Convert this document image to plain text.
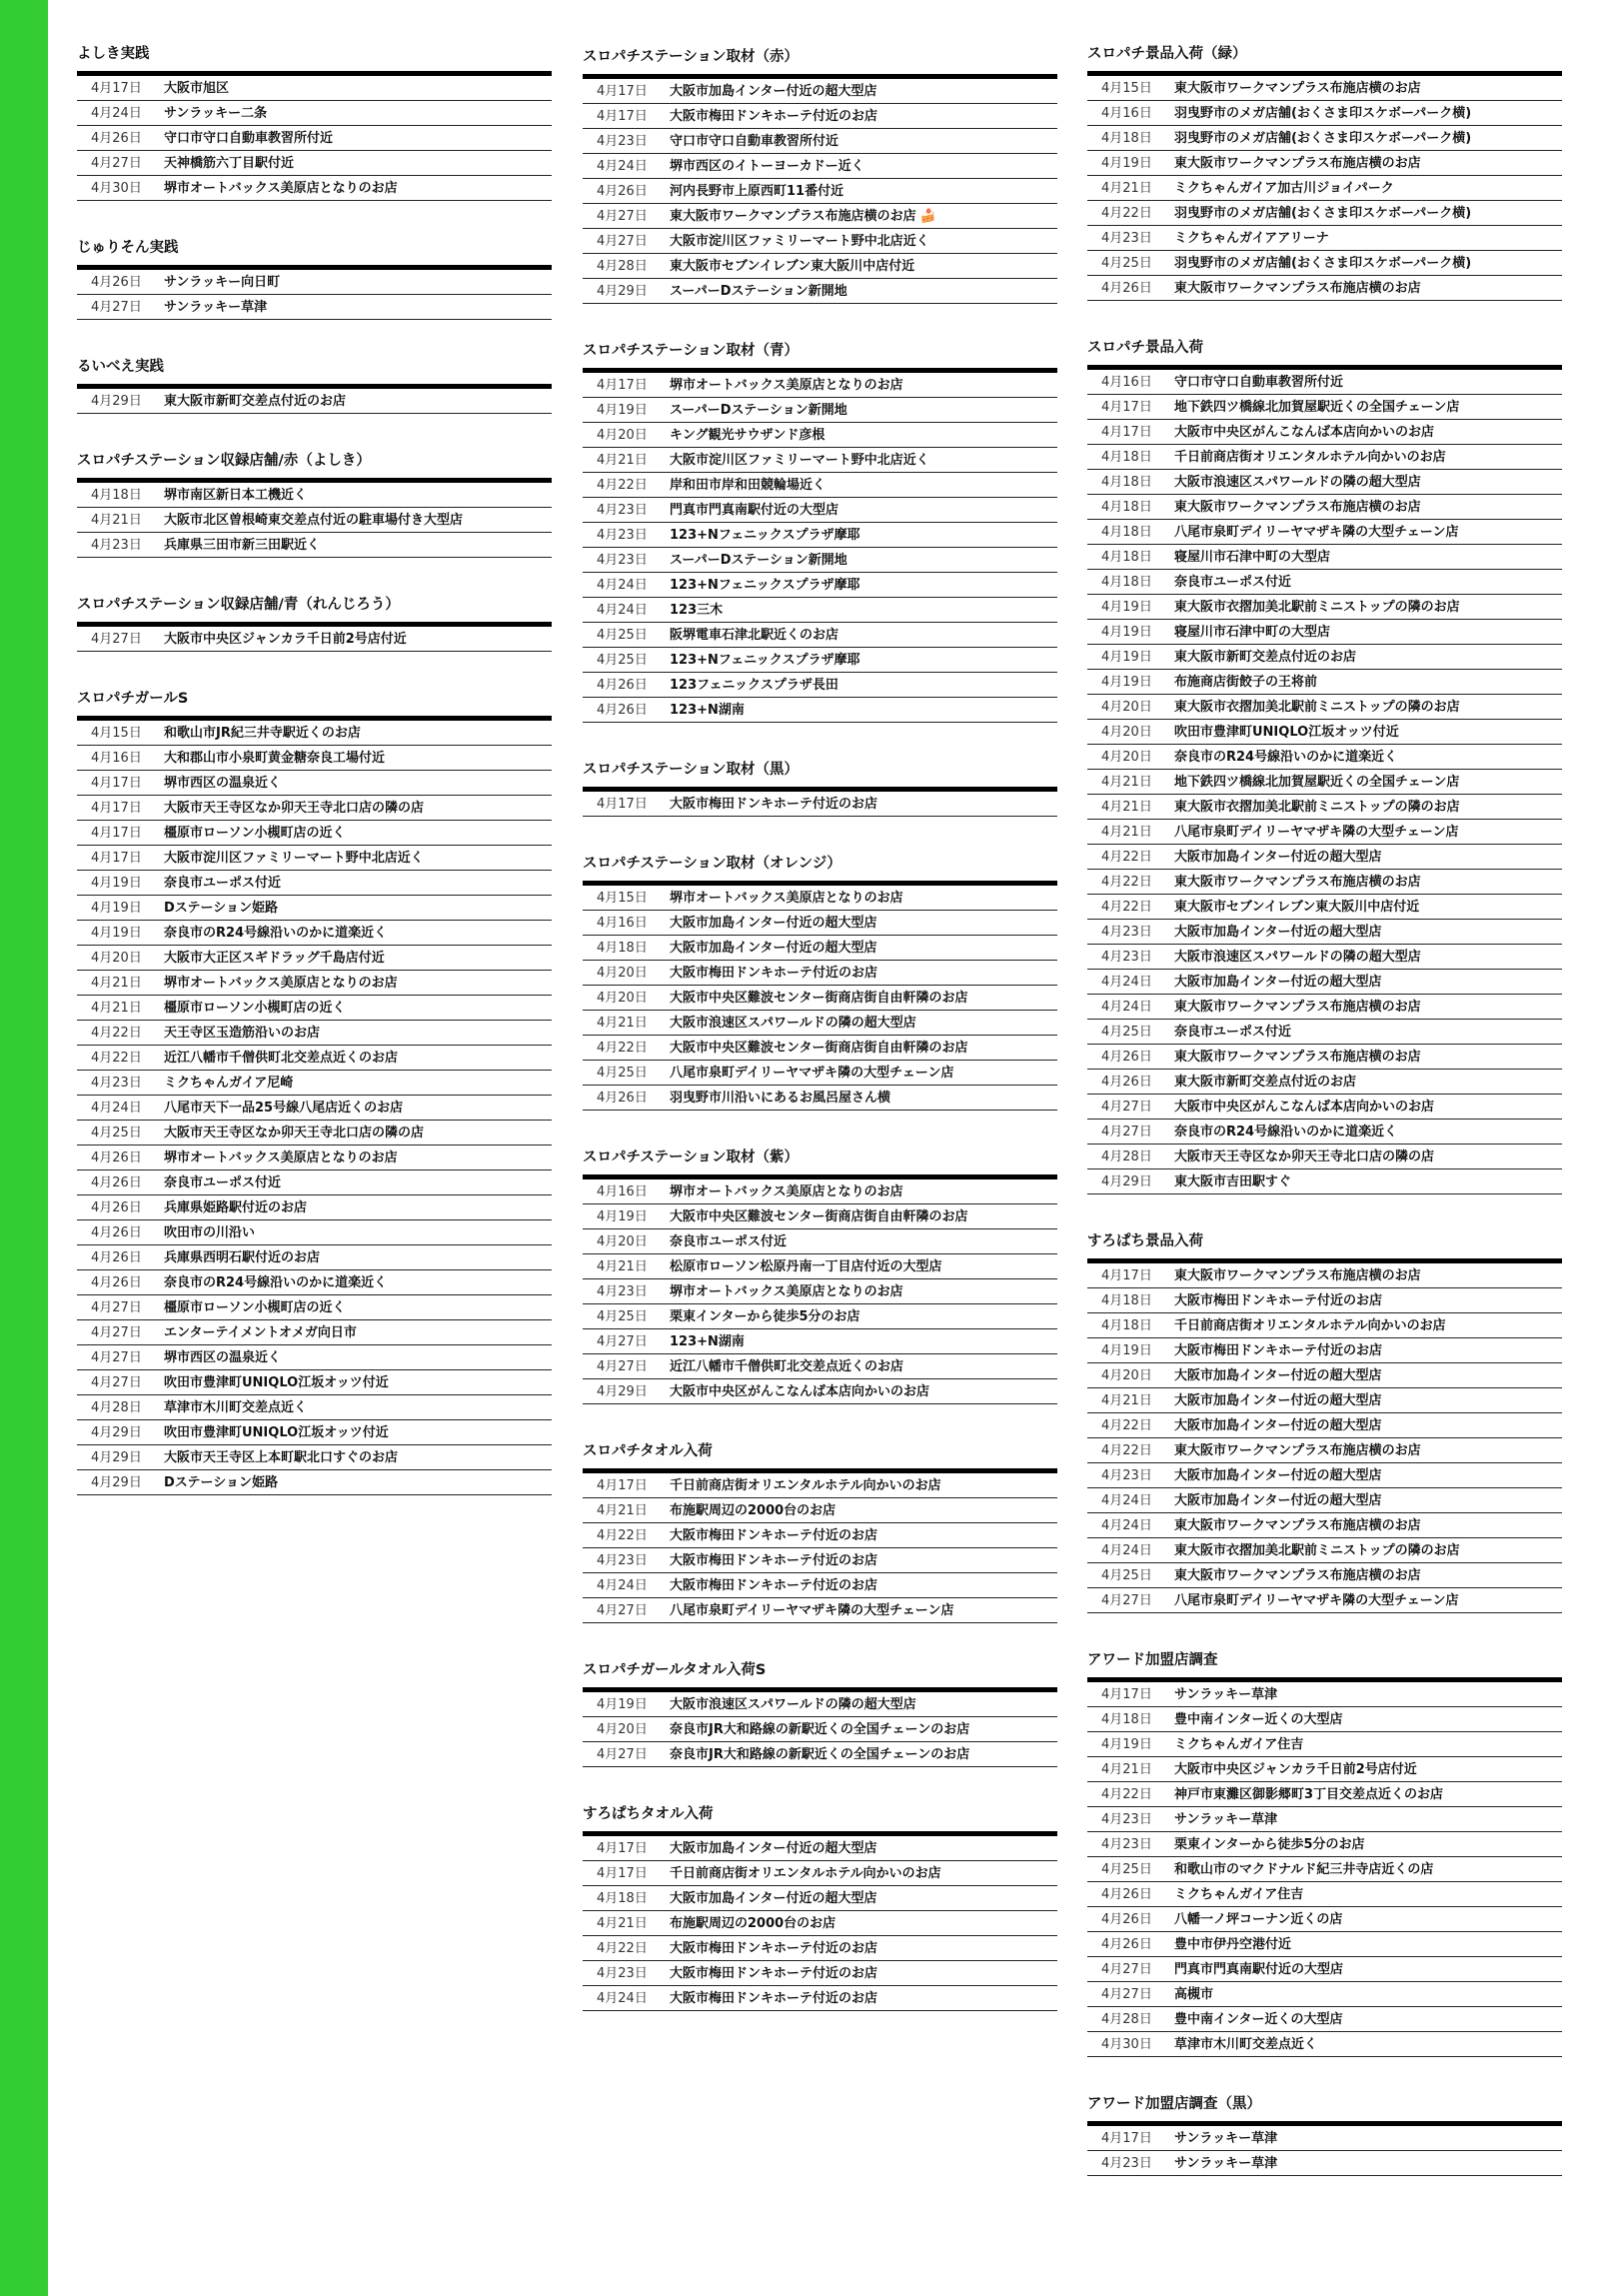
よしき実践
4月17日	大阪市旭区
4月24日	サンラッキー二条
4月26日	守口市守口自動車教習所付近
4月27日	天神橋筋六丁目駅付近
4月30日	堺市オートバックス美原店となりのお店
じゅりそん実践
4月26日	サンラッキー向日町
4月27日	サンラッキー草津
るいべえ実践
4月29日	東大阪市新町交差点付近のお店
スロパチステーション収録店舗/赤（よしき）
4月18日	堺市南区新日本工機近く
4月21日	大阪市北区曽根崎東交差点付近の駐車場付き大型店
4月23日	兵庫県三田市新三田駅近く
スロパチステーション収録店舗/青（れんじろう）
4月27日	大阪市中央区ジャンカラ千日前2号店付近
スロパチガールS
4月15日	和歌山市JR紀三井寺駅近くのお店
4月16日	大和郡山市小泉町黄金糖奈良工場付近
4月17日	堺市西区の温泉近く
4月17日	大阪市天王寺区なか卯天王寺北口店の隣の店
4月17日	橿原市ローソン小槻町店の近く
4月17日	大阪市淀川区ファミリーマート野中北店近く
4月19日	奈良市ユーポス付近
4月19日	Dステーション姫路
4月19日	奈良市のR24号線沿いのかに道楽近く
4月20日	大阪市大正区スギドラッグ千島店付近
4月21日	堺市オートバックス美原店となりのお店
4月21日	橿原市ローソン小槻町店の近く
4月22日	天王寺区玉造筋沿いのお店
4月22日	近江八幡市千僧供町北交差点近くのお店
4月23日	ミクちゃんガイア尼崎
4月24日	八尾市天下一品25号線八尾店近くのお店
4月25日	大阪市天王寺区なか卯天王寺北口店の隣の店
4月26日	堺市オートバックス美原店となりのお店
4月26日	奈良市ユーポス付近
4月26日	兵庫県姫路駅付近のお店
4月26日	吹田市の川沿い
4月26日	兵庫県西明石駅付近のお店
4月26日	奈良市のR24号線沿いのかに道楽近く
4月27日	橿原市ローソン小槻町店の近く
4月27日	エンターテイメントオメガ向日市
4月27日	堺市西区の温泉近く
4月27日	吹田市豊津町UNIQLO江坂オッツ付近
4月28日	草津市木川町交差点近く
4月29日	吹田市豊津町UNIQLO江坂オッツ付近
4月29日	大阪市天王寺区上本町駅北口すぐのお店
4月29日	Dステーション姫路
スロパチステーション取材（赤）
4月17日	大阪市加島インター付近の超大型店
4月17日	大阪市梅田ドンキホーテ付近のお店
4月23日	守口市守口自動車教習所付近
4月24日	堺市西区のイトーヨーカドー近く
4月26日	河内長野市上原西町11番付近
4月27日	東大阪市ワークマンプラス布施店横のお店 🍰
4月27日	大阪市淀川区ファミリーマート野中北店近く
4月28日	東大阪市セブンイレブン東大阪川中店付近
4月29日	スーパーDステーション新開地
スロパチステーション取材（青）
4月17日	堺市オートバックス美原店となりのお店
4月19日	スーパーDステーション新開地
4月20日	キング観光サウザンド彦根
4月21日	大阪市淀川区ファミリーマート野中北店近く
4月22日	岸和田市岸和田競輪場近く
4月23日	門真市門真南駅付近の大型店
4月23日	123+Nフェニックスプラザ摩耶
4月23日	スーパーDステーション新開地
4月24日	123+Nフェニックスプラザ摩耶
4月24日	123三木
4月25日	阪堺電車石津北駅近くのお店
4月25日	123+Nフェニックスプラザ摩耶
4月26日	123フェニックスプラザ長田
4月26日	123+N湖南
スロパチステーション取材（黒）
4月17日	大阪市梅田ドンキホーテ付近のお店
スロパチステーション取材（オレンジ）
4月15日	堺市オートバックス美原店となりのお店
4月16日	大阪市加島インター付近の超大型店
4月18日	大阪市加島インター付近の超大型店
4月20日	大阪市梅田ドンキホーテ付近のお店
4月20日	大阪市中央区難波センター街商店街自由軒隣のお店
4月21日	大阪市浪速区スパワールドの隣の超大型店
4月22日	大阪市中央区難波センター街商店街自由軒隣のお店
4月25日	八尾市泉町デイリーヤマザキ隣の大型チェーン店
4月26日	羽曳野市川沿いにあるお風呂屋さん横
スロパチステーション取材（紫）
4月16日	堺市オートバックス美原店となりのお店
4月19日	大阪市中央区難波センター街商店街自由軒隣のお店
4月20日	奈良市ユーポス付近
4月21日	松原市ローソン松原丹南一丁目店付近の大型店
4月23日	堺市オートバックス美原店となりのお店
4月25日	栗東インターから徒歩5分のお店
4月27日	123+N湖南
4月27日	近江八幡市千僧供町北交差点近くのお店
4月29日	大阪市中央区がんこなんば本店向かいのお店
スロパチタオル入荷
4月17日	千日前商店街オリエンタルホテル向かいのお店
4月21日	布施駅周辺の2000台のお店
4月22日	大阪市梅田ドンキホーテ付近のお店
4月23日	大阪市梅田ドンキホーテ付近のお店
4月24日	大阪市梅田ドンキホーテ付近のお店
4月27日	八尾市泉町デイリーヤマザキ隣の大型チェーン店
スロパチガールタオル入荷S
4月19日	大阪市浪速区スパワールドの隣の超大型店
4月20日	奈良市JR大和路線の新駅近くの全国チェーンのお店
4月27日	奈良市JR大和路線の新駅近くの全国チェーンのお店
すろぱちタオル入荷
4月17日	大阪市加島インター付近の超大型店
4月17日	千日前商店街オリエンタルホテル向かいのお店
4月18日	大阪市加島インター付近の超大型店
4月21日	布施駅周辺の2000台のお店
4月22日	大阪市梅田ドンキホーテ付近のお店
4月23日	大阪市梅田ドンキホーテ付近のお店
4月24日	大阪市梅田ドンキホーテ付近のお店
スロパチ景品入荷（緑）
4月15日	東大阪市ワークマンプラス布施店横のお店
4月16日	羽曳野市のメガ店舗(おくさま印スケボーパーク横)
4月18日	羽曳野市のメガ店舗(おくさま印スケボーパーク横)
4月19日	東大阪市ワークマンプラス布施店横のお店
4月21日	ミクちゃんガイア加古川ジョイパーク
4月22日	羽曳野市のメガ店舗(おくさま印スケボーパーク横)
4月23日	ミクちゃんガイアアリーナ
4月25日	羽曳野市のメガ店舗(おくさま印スケボーパーク横)
4月26日	東大阪市ワークマンプラス布施店横のお店
スロパチ景品入荷
4月16日	守口市守口自動車教習所付近
4月17日	地下鉄四ツ橋線北加賀屋駅近くの全国チェーン店
4月17日	大阪市中央区がんこなんば本店向かいのお店
4月18日	千日前商店街オリエンタルホテル向かいのお店
4月18日	大阪市浪速区スパワールドの隣の超大型店
4月18日	東大阪市ワークマンプラス布施店横のお店
4月18日	八尾市泉町デイリーヤマザキ隣の大型チェーン店
4月18日	寝屋川市石津中町の大型店
4月18日	奈良市ユーポス付近
4月19日	東大阪市衣摺加美北駅前ミニストップの隣のお店
4月19日	寝屋川市石津中町の大型店
4月19日	東大阪市新町交差点付近のお店
4月19日	布施商店街餃子の王将前
4月20日	東大阪市衣摺加美北駅前ミニストップの隣のお店
4月20日	吹田市豊津町UNIQLO江坂オッツ付近
4月20日	奈良市のR24号線沿いのかに道楽近く
4月21日	地下鉄四ツ橋線北加賀屋駅近くの全国チェーン店
4月21日	東大阪市衣摺加美北駅前ミニストップの隣のお店
4月21日	八尾市泉町デイリーヤマザキ隣の大型チェーン店
4月22日	大阪市加島インター付近の超大型店
4月22日	東大阪市ワークマンプラス布施店横のお店
4月22日	東大阪市セブンイレブン東大阪川中店付近
4月23日	大阪市加島インター付近の超大型店
4月23日	大阪市浪速区スパワールドの隣の超大型店
4月24日	大阪市加島インター付近の超大型店
4月24日	東大阪市ワークマンプラス布施店横のお店
4月25日	奈良市ユーポス付近
4月26日	東大阪市ワークマンプラス布施店横のお店
4月26日	東大阪市新町交差点付近のお店
4月27日	大阪市中央区がんこなんば本店向かいのお店
4月27日	奈良市のR24号線沿いのかに道楽近く
4月28日	大阪市天王寺区なか卯天王寺北口店の隣の店
4月29日	東大阪市吉田駅すぐ
すろぱち景品入荷
4月17日	東大阪市ワークマンプラス布施店横のお店
4月18日	大阪市梅田ドンキホーテ付近のお店
4月18日	千日前商店街オリエンタルホテル向かいのお店
4月19日	大阪市梅田ドンキホーテ付近のお店
4月20日	大阪市加島インター付近の超大型店
4月21日	大阪市加島インター付近の超大型店
4月22日	大阪市加島インター付近の超大型店
4月22日	東大阪市ワークマンプラス布施店横のお店
4月23日	大阪市加島インター付近の超大型店
4月24日	大阪市加島インター付近の超大型店
4月24日	東大阪市ワークマンプラス布施店横のお店
4月24日	東大阪市衣摺加美北駅前ミニストップの隣のお店
4月25日	東大阪市ワークマンプラス布施店横のお店
4月27日	八尾市泉町デイリーヤマザキ隣の大型チェーン店
アワード加盟店調査
4月17日	サンラッキー草津
4月18日	豊中南インター近くの大型店
4月19日	ミクちゃんガイア住吉
4月21日	大阪市中央区ジャンカラ千日前2号店付近
4月22日	神戸市東灘区御影郷町3丁目交差点近くのお店
4月23日	サンラッキー草津
4月23日	栗東インターから徒歩5分のお店
4月25日	和歌山市のマクドナルド紀三井寺店近くの店
4月26日	ミクちゃんガイア住吉
4月26日	八幡一ノ坪コーナン近くの店
4月26日	豊中市伊丹空港付近
4月27日	門真市門真南駅付近の大型店
4月27日	高槻市
4月28日	豊中南インター近くの大型店
4月30日	草津市木川町交差点近く
アワード加盟店調査（黒）
4月17日	サンラッキー草津
4月23日	サンラッキー草津
